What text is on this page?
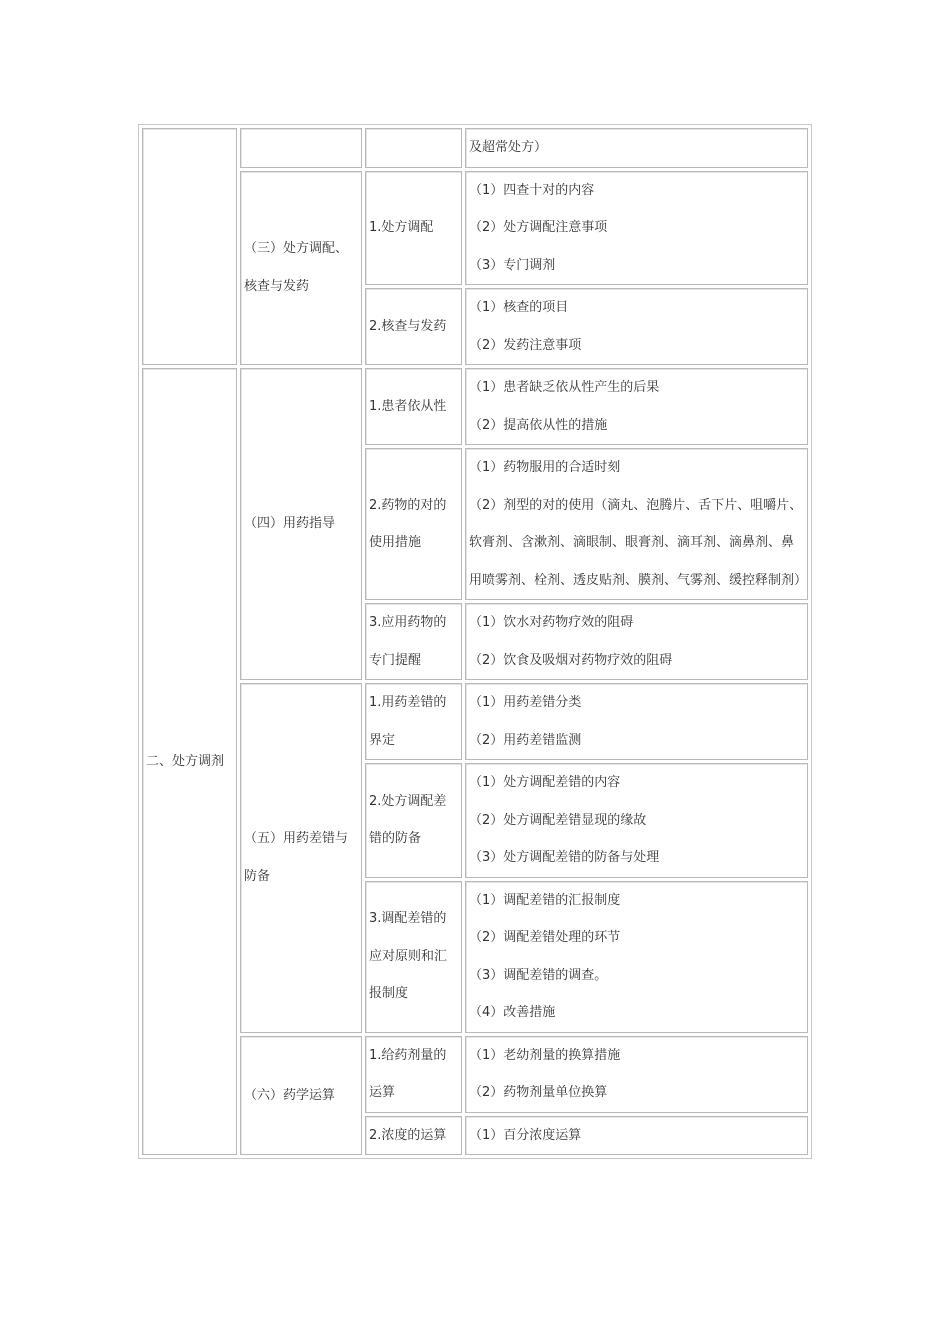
			及超常处方）

	（三）处方调配、核查与发药	1.处方调配	（1）四查十对的内容
（2）处方调配注意事项
（3）专门调剂

		2.核查与发药	（1）核查的项目
（2）发药注意事项

二、处方调剂	（四）用药指导	1.患者依从性	（1）患者缺乏依从性产生的后果
（2）提高依从性的措施

		2.药物的对的使用措施	（1）药物服用的合适时刻
（2）剂型的对的使用（滴丸、泡腾片、舌下片、咀嚼片、软膏剂、含漱剂、滴眼制、眼膏剂、滴耳剂、滴鼻剂、鼻用喷雾剂、栓剂、透皮贴剂、膜剂、气雾剂、缓控释制剂）

		3.应用药物的专门提醒	（1）饮水对药物疗效的阻碍
（2）饮食及吸烟对药物疗效的阻碍

	（五）用药差错与防备	1.用药差错的界定	（1）用药差错分类
（2）用药差错监测

		2.处方调配差错的防备	（1）处方调配差错的内容
（2）处方调配差错显现的缘故
（3）处方调配差错的防备与处理

		3.调配差错的应对原则和汇报制度	（1）调配差错的汇报制度
（2）调配差错处理的环节
（3）调配差错的调查。
（4）改善措施

	（六）药学运算	1.给药剂量的运算	（1）老幼剂量的换算措施
（2）药物剂量单位换算

		2.浓度的运算	（1）百分浓度运算
